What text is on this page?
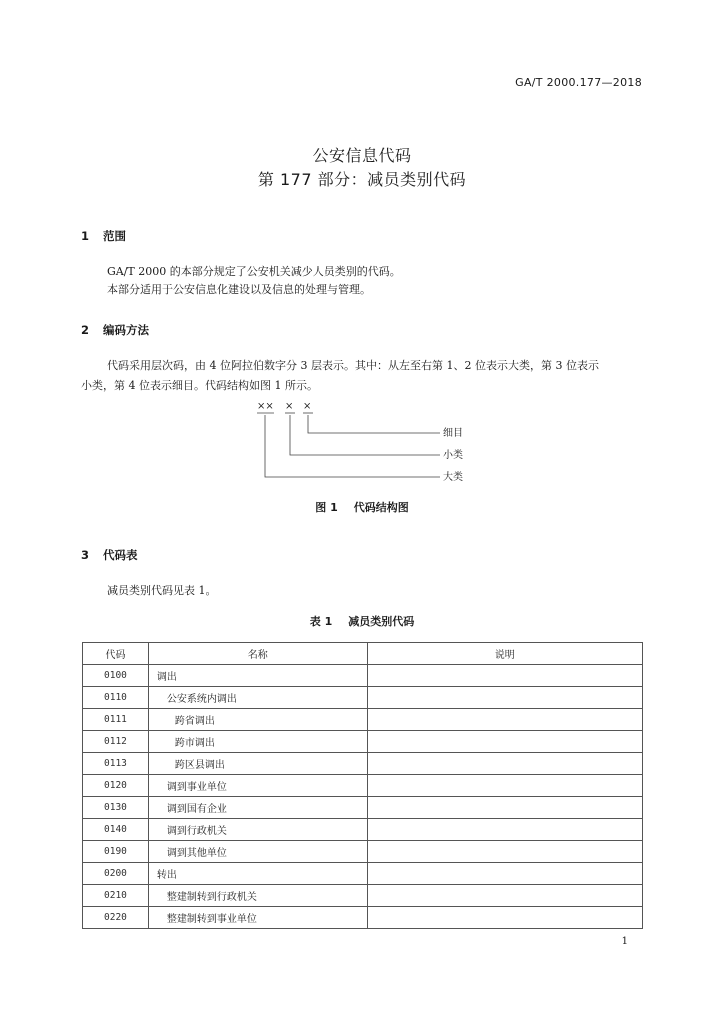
GA/T 2000.177—2018
公安信息代码
第 177 部分：减员类别代码
1 范围
GA/T 2000 的本部分规定了公安机关减少人员类别的代码。
本部分适用于公安信息化建设以及信息的处理与管理。
2 编码方法
代码采用层次码，由 4 位阿拉伯数字分 3 层表示。其中：从左至右第 1、2 位表示大类，第 3 位表示
小类，第 4 位表示细目。代码结构如图 1 所示。
×× × ×
细目
小类
大类
图 1 代码结构图
3 代码表
减员类别代码见表 1。
表 1 减员类别代码
代码	名称	说明
0100	调出	
0110	公安系统内调出	
0111	跨省调出	
0112	跨市调出	
0113	跨区县调出	
0120	调到事业单位	
0130	调到国有企业	
0140	调到行政机关	
0190	调到其他单位	
0200	转出	
0210	整建制转到行政机关	
0220	整建制转到事业单位	
1
